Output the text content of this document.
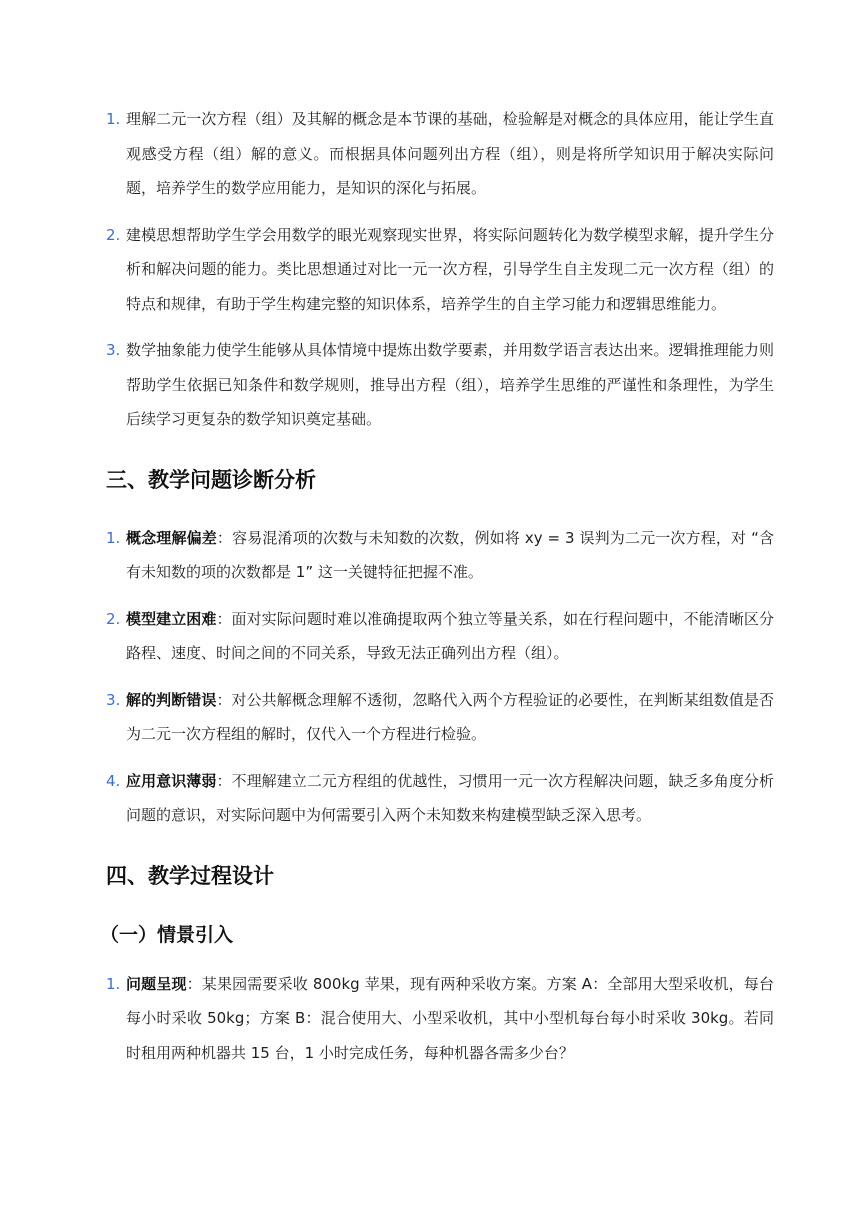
1. 理解二元一次方程（组）及其解的概念是本节课的基础，检验解是对概念的具体应用，能让学生直观感受方程（组）解的意义。而根据具体问题列出方程（组），则是将所学知识用于解决实际问题，培养学生的数学应用能力，是知识的深化与拓展。
2. 建模思想帮助学生学会用数学的眼光观察现实世界，将实际问题转化为数学模型求解，提升学生分析和解决问题的能力。类比思想通过对比一元一次方程，引导学生自主发现二元一次方程（组）的特点和规律，有助于学生构建完整的知识体系，培养学生的自主学习能力和逻辑思维能力。
3. 数学抽象能力使学生能够从具体情境中提炼出数学要素，并用数学语言表达出来。逻辑推理能力则帮助学生依据已知条件和数学规则，推导出方程（组），培养学生思维的严谨性和条理性，为学生后续学习更复杂的数学知识奠定基础。
三、教学问题诊断分析
1. 概念理解偏差：容易混淆项的次数与未知数的次数，例如将 xy = 3 误判为二元一次方程，对 “含有未知数的项的次数都是 1” 这一关键特征把握不准。
2. 模型建立困难：面对实际问题时难以准确提取两个独立等量关系，如在行程问题中，不能清晰区分路程、速度、时间之间的不同关系，导致无法正确列出方程（组）。
3. 解的判断错误：对公共解概念理解不透彻，忽略代入两个方程验证的必要性，在判断某组数值是否为二元一次方程组的解时，仅代入一个方程进行检验。
4. 应用意识薄弱：不理解建立二元方程组的优越性，习惯用一元一次方程解决问题，缺乏多角度分析问题的意识，对实际问题中为何需要引入两个未知数来构建模型缺乏深入思考。
四、教学过程设计
（一）情景引入
1. 问题呈现：某果园需要采收 800kg 苹果，现有两种采收方案。方案 A：全部用大型采收机，每台每小时采收 50kg；方案 B：混合使用大、小型采收机，其中小型机每台每小时采收 30kg。若同时租用两种机器共 15 台，1 小时完成任务，每种机器各需多少台？
